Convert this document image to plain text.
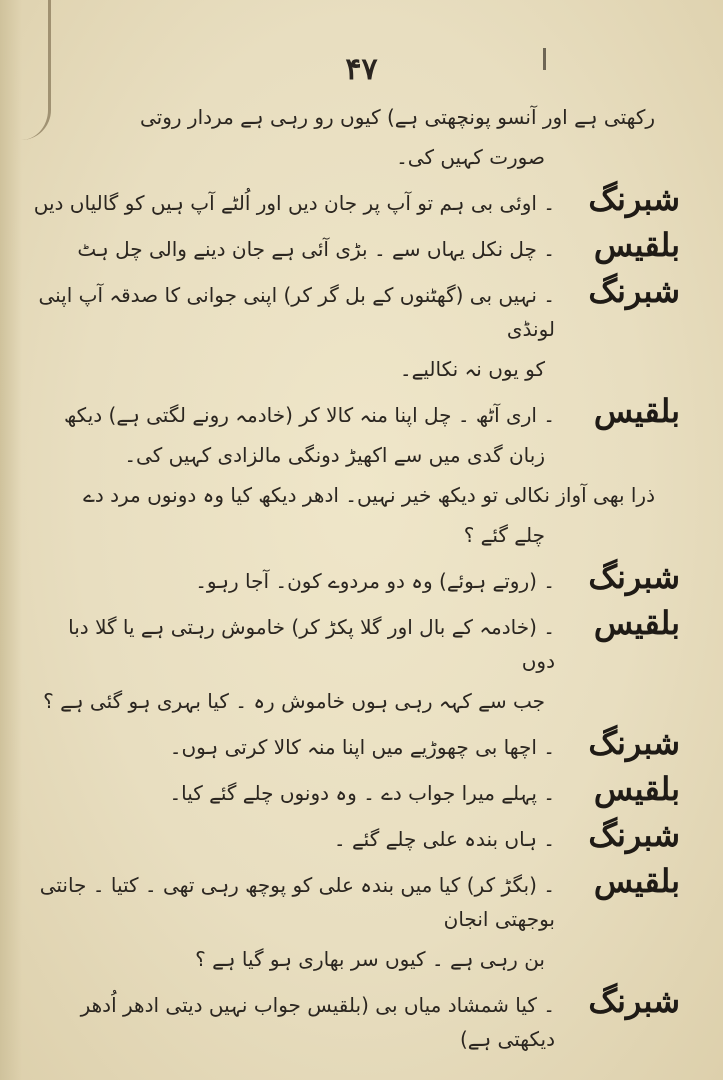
۴۷
رکھتی ہے اور آنسو پونچھتی ہے) کیوں رو رہی ہے مردار روتی
صورت کہیں کی۔
شبرنگ
۔ اوئی بی ہم تو آپ پر جان دیں اور اُلٹے آپ ہیں کو گالیاں دیں
بلقیس
۔ چل نکل یہاں سے ۔ بڑی آئی ہے جان دینے والی چل ہٹ
شبرنگ
۔ نہیں بی (گھٹنوں کے بل گر کر) اپنی جوانی کا صدقہ آپ اپنی لونڈی
کو یوں نہ نکالیے۔
بلقیس
۔ اری آٹھ ۔ چل اپنا منہ کالا کر (خادمہ رونے لگتی ہے) دیکھ
زبان گدی میں سے اکھیڑ دونگی مالزادی کہیں کی۔
ذرا بھی آواز نکالی تو دیکھ خیر نہیں۔ ادھر دیکھ کیا وہ دونوں مرد دے
چلے گئے ؟
شبرنگ
۔ (روتے ہوئے) وہ دو مردوے کون۔ آجا رہو۔
بلقیس
۔ (خادمہ کے بال اور گلا پکڑ کر) خاموش رہتی ہے یا گلا دبا دوں
جب سے کہہ رہی ہوں خاموش رہ ۔ کیا بہری ہو گئی ہے ؟
شبرنگ
۔ اچھا بی چھوڑیے میں اپنا منہ کالا کرتی ہوں۔
بلقیس
۔ پہلے میرا جواب دے ۔ وہ دونوں چلے گئے کیا۔
شبرنگ
۔ ہاں بندہ علی چلے گئے ۔
بلقیس
۔ (بگڑ کر) کیا میں بندہ علی کو پوچھ رہی تھی ۔ کتیا ۔ جانتی بوجھتی انجان
بن رہی ہے ۔ کیوں سر بھاری ہو گیا ہے ؟
شبرنگ
۔ کیا شمشاد میاں بی (بلقیس جواب نہیں دیتی ادھر اُدھر دیکھتی ہے)
